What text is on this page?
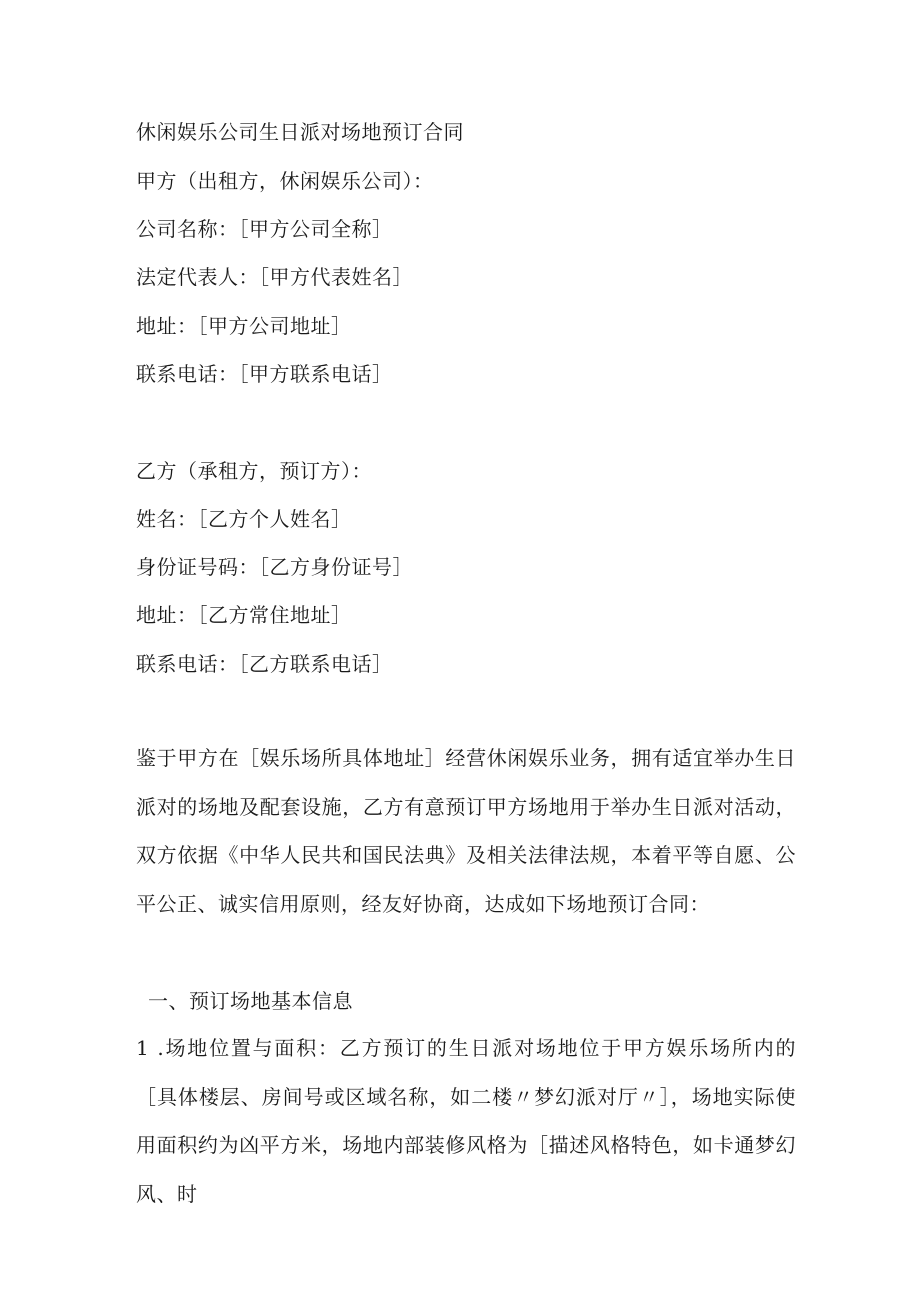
休闲娱乐公司生日派对场地预订合同
甲方（出租方，休闲娱乐公司）：
公司名称：［甲方公司全称］
法定代表人：［甲方代表姓名］
地址：［甲方公司地址］
联系电话：［甲方联系电话］
乙方（承租方，预订方）：
姓名：［乙方个人姓名］
身份证号码：［乙方身份证号］
地址：［乙方常住地址］
联系电话：［乙方联系电话］
鉴于甲方在［娱乐场所具体地址］经营休闲娱乐业务，拥有适宜举办生日派对的场地及配套设施，乙方有意预订甲方场地用于举办生日派对活动，双方依据《中华人民共和国民法典》及相关法律法规，本着平等自愿、公平公正、诚实信用原则，经友好协商，达成如下场地预订合同：
一、预订场地基本信息
1 .场地位置与面积：乙方预订的生日派对场地位于甲方娱乐场所内的［具体楼层、房间号或区域名称，如二楼〃梦幻派对厅〃］，场地实际使用面积约为凶平方米，场地内部装修风格为［描述风格特色，如卡通梦幻风、时
